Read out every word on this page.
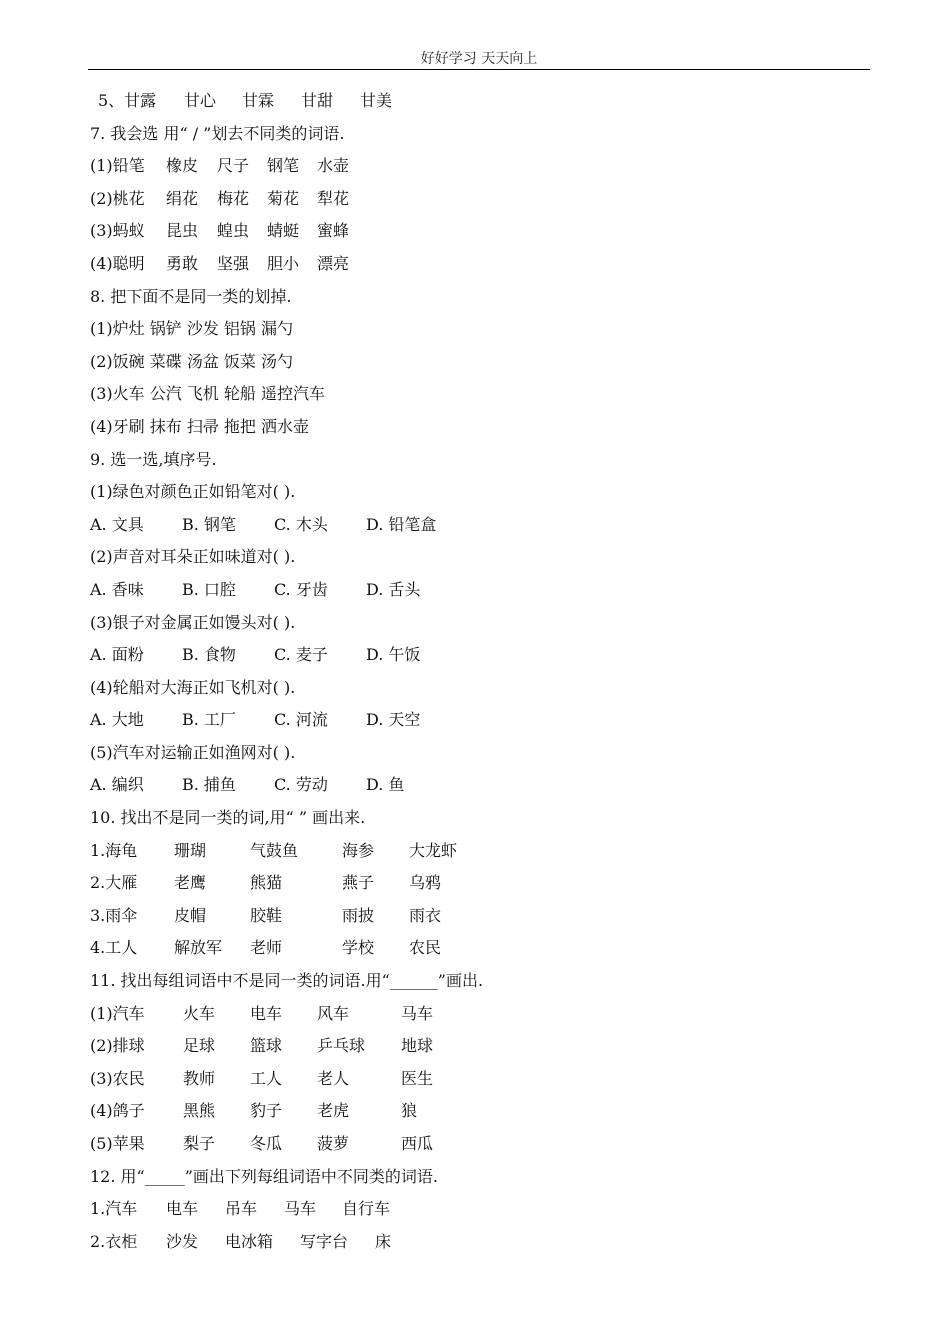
好好学习 天天向上
5、甘露 甘心 甘霖 甘甜 甘美
7. 我会选 用“ / ”划去不同类的词语.
(1)铅笔 橡皮 尺子 钢笔 水壶
(2)桃花 绢花 梅花 菊花 犁花
(3)蚂蚁 昆虫 蝗虫 蜻蜓 蜜蜂
(4)聪明 勇敢 坚强 胆小 漂亮
8. 把下面不是同一类的划掉.
(1)炉灶 锅铲 沙发 铝锅 漏勺
(2)饭碗 菜碟 汤盆 饭菜 汤勺
(3)火车 公汽 飞机 轮船 遥控汽车
(4)牙刷 抹布 扫帚 拖把 洒水壶
9. 选一选,填序号.
(1)绿色对颜色正如铅笔对( ).
A. 文具 B. 钢笔 C. 木头 D. 铅笔盒
(2)声音对耳朵正如味道对( ).
A. 香味 B. 口腔 C. 牙齿 D. 舌头
(3)银子对金属正如馒头对( ).
A. 面粉 B. 食物 C. 麦子 D. 午饭
(4)轮船对大海正如飞机对( ).
A. 大地 B. 工厂 C. 河流 D. 天空
(5)汽车对运输正如渔网对( ).
A. 编织 B. 捕鱼 C. 劳动 D. 鱼
10. 找出不是同一类的词,用“ ” 画出来.
1.海龟 珊瑚	气鼓鱼	海参 大龙虾
2.大雁 老鹰	熊猫	燕子 乌鸦
3.雨伞 皮帽	胶鞋	雨披 雨衣
4.工人 解放军 老师	学校 农民
11. 找出每组词语中不是同一类的词语.用“______”画出.
(1)汽车 火车 电车 风车	马车
(2)排球 足球 篮球 乒乓球 地球
(3)农民 教师 工人 老人	医生
(4)鸽子 黑熊 豹子 老虎	狼
(5)苹果 梨子 冬瓜 菠萝	西瓜
12. 用“_____”画出下列每组词语中不同类的词语.
1.汽车 电车 吊车 马车 自行车
2.衣柜 沙发 电冰箱 写字台 床
